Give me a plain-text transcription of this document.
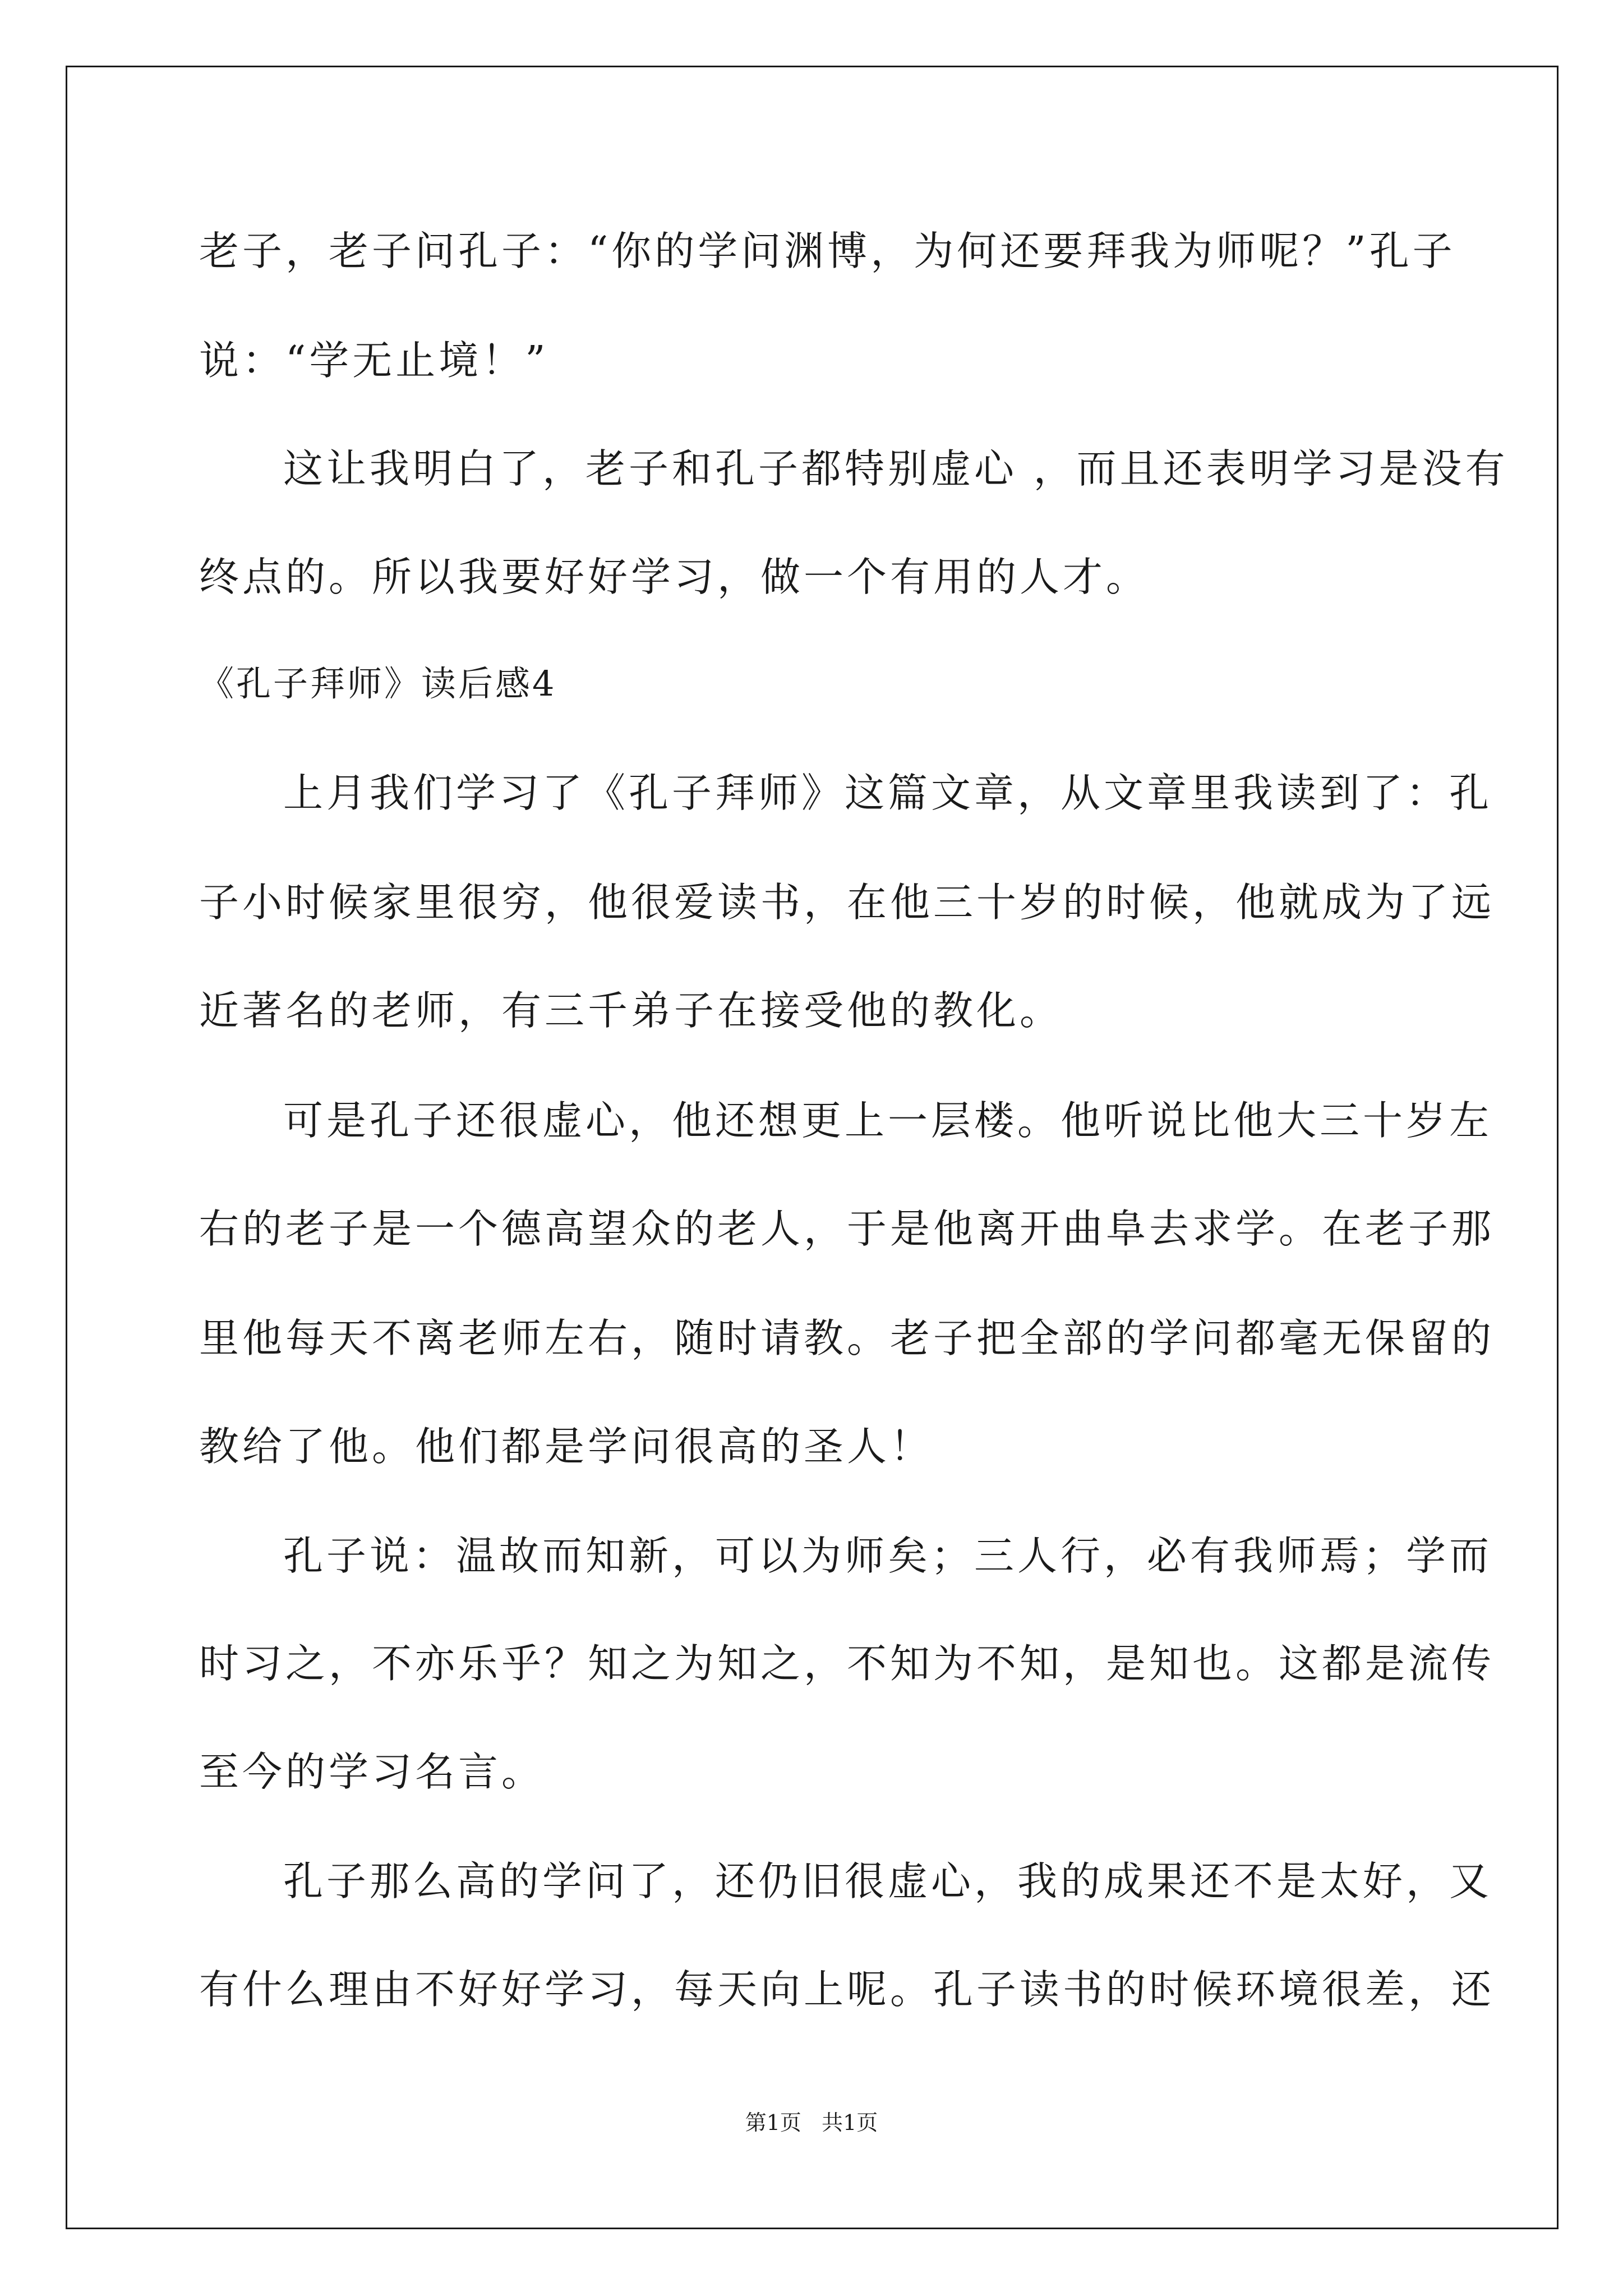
老子，老子问孔子：“你的学问渊博，为何还要拜我为师呢？”孔子
说：“学无止境！”
这让我明白了，老子和孔子都特别虚心 ，而且还表明学习是没有
终点的。所以我要好好学习，做一个有用的人才。
《孔子拜师》读后感4
上月我们学习了《孔子拜师》这篇文章，从文章里我读到了：孔
子小时候家里很穷，他很爱读书，在他三十岁的时候，他就成为了远
近著名的老师，有三千弟子在接受他的教化。
可是孔子还很虚心，他还想更上一层楼。他听说比他大三十岁左
右的老子是一个德高望众的老人，于是他离开曲阜去求学。在老子那
里他每天不离老师左右，随时请教。老子把全部的学问都毫无保留的
教给了他。他们都是学问很高的圣人！
孔子说：温故而知新，可以为师矣；三人行，必有我师焉；学而
时习之，不亦乐乎？知之为知之，不知为不知，是知也。这都是流传
至今的学习名言。
孔子那么高的学问了，还仍旧很虚心，我的成果还不是太好，又
有什么理由不好好学习，每天向上呢。孔子读书的时候环境很差，还
第1页   共1页
